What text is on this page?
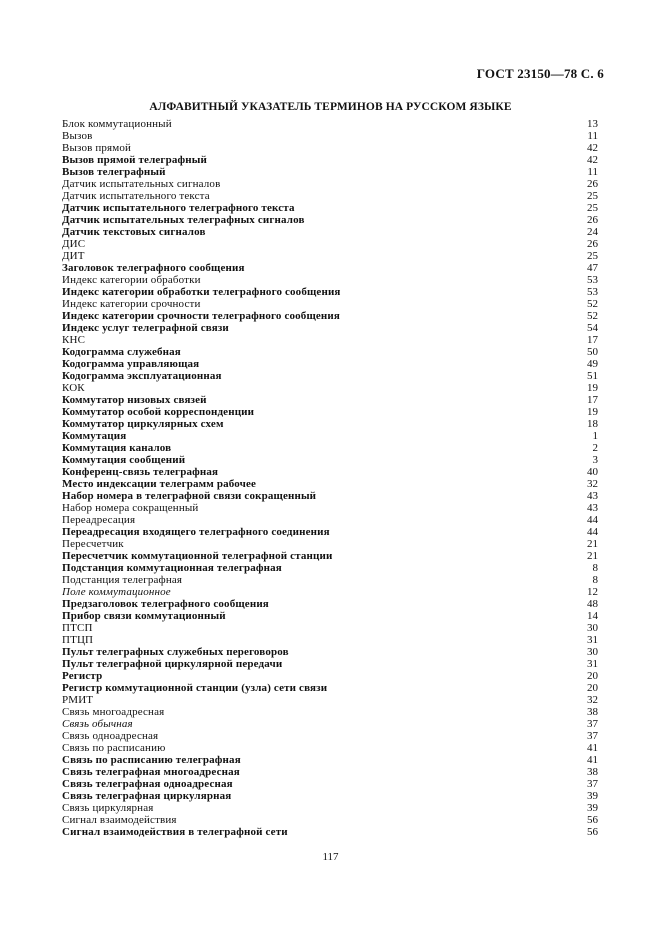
ГОСТ 23150—78 С. 6
АЛФАВИТНЫЙ УКАЗАТЕЛЬ ТЕРМИНОВ НА РУССКОМ ЯЗЫКЕ
Блок коммутационный	13
Вызов	11
Вызов прямой	42
Вызов прямой телеграфный	42
Вызов телеграфный	11
Датчик испытательных сигналов	26
Датчик испытательного текста	25
Датчик испытательного телеграфного текста	25
Датчик испытательных телеграфных сигналов	26
Датчик текстовых сигналов	24
ДИС	26
ДИТ	25
Заголовок телеграфного сообщения	47
Индекс категории обработки	53
Индекс категории обработки телеграфного сообщения	53
Индекс категории срочности	52
Индекс категории срочности телеграфного сообщения	52
Индекс услуг телеграфной связи	54
КНС	17
Кодограмма служебная	50
Кодограмма управляющая	49
Кодограмма эксплуатационная	51
КОК	19
Коммутатор низовых связей	17
Коммутатор особой корреспонденции	19
Коммутатор циркулярных схем	18
Коммутация	1
Коммутация каналов	2
Коммутация сообщений	3
Конференц-связь телеграфная	40
Место индексации телеграмм рабочее	32
Набор номера в телеграфной связи сокращенный	43
Набор номера сокращенный	43
Переадресация	44
Переадресация входящего телеграфного соединения	44
Пересчетчик	21
Пересчетчик коммутационной телеграфной станции	21
Подстанция коммутационная телеграфная	8
Подстанция телеграфная	8
Поле коммутационное	12
Предзаголовок телеграфного сообщения	48
Прибор связи коммутационный	14
ПТСП	30
ПТЦП	31
Пульт телеграфных служебных переговоров	30
Пульт телеграфной циркулярной передачи	31
Регистр	20
Регистр коммутационной станции (узла) сети связи	20
РМИТ	32
Связь многоадресная	38
Связь обычная	37
Связь одноадресная	37
Связь по расписанию	41
Связь по расписанию телеграфная	41
Связь телеграфная многоадресная	38
Связь телеграфная одноадресная	37
Связь телеграфная циркулярная	39
Связь циркулярная	39
Сигнал взаимодействия	56
Сигнал взаимодействия в телеграфной сети	56
117
